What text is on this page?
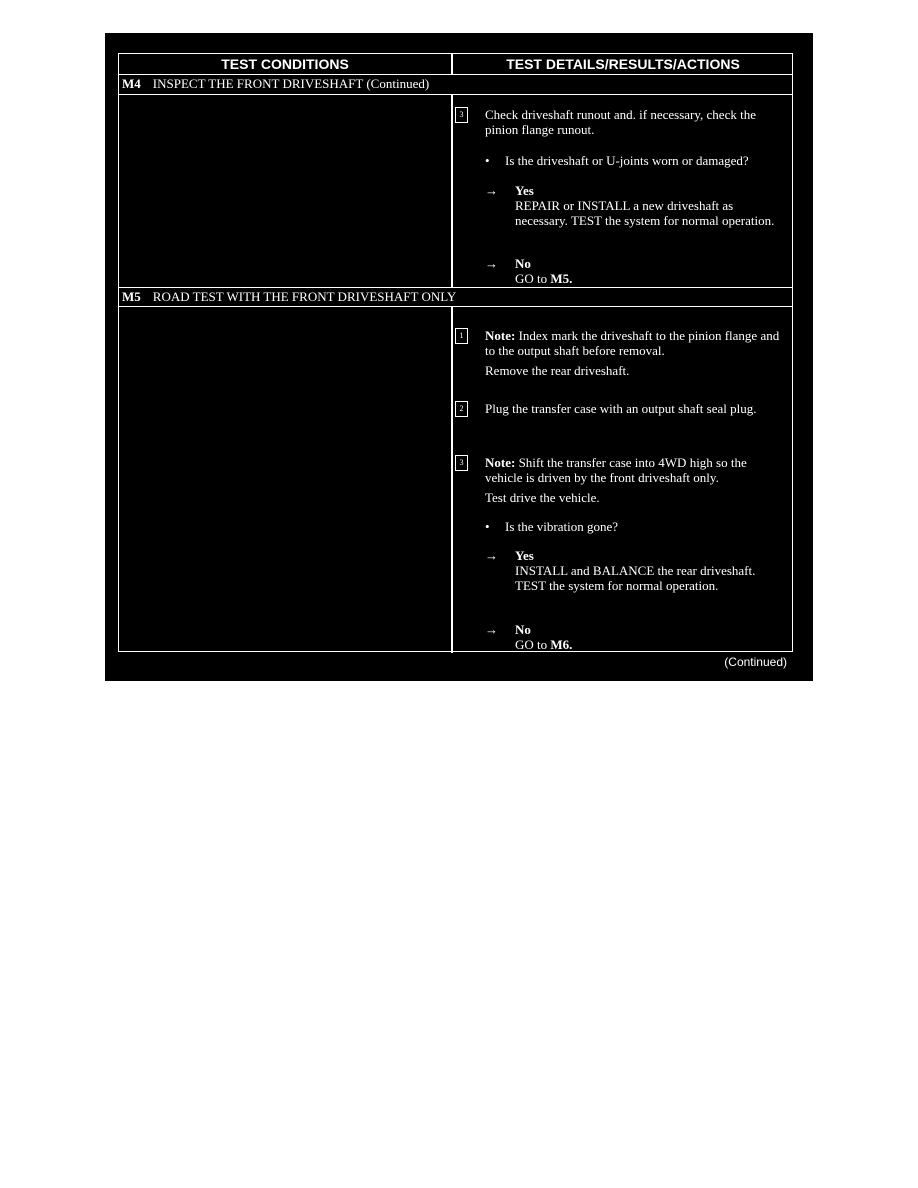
TEST CONDITIONS	TEST DETAILS/RESULTS/ACTIONS
M4 INSPECT THE FRONT DRIVESHAFT (Continued)
3	Check driveshaft runout and. if necessary, check the pinion flange runout.
• Is the driveshaft or U-joints worn or damaged?
→ Yes
REPAIR or INSTALL a new driveshaft as necessary. TEST the system for normal operation.
→ No
GO to M5.
M5 ROAD TEST WITH THE FRONT DRIVESHAFT ONLY
1	Note: Index mark the driveshaft to the pinion flange and to the output shaft before removal.
Remove the rear driveshaft.
2	Plug the transfer case with an output shaft seal plug.
3	Note: Shift the transfer case into 4WD high so the vehicle is driven by the front driveshaft only.
Test drive the vehicle.
• Is the vibration gone?
→ Yes
INSTALL and BALANCE the rear driveshaft. TEST the system for normal operation.
→ No
GO to M6.
(Continued)
